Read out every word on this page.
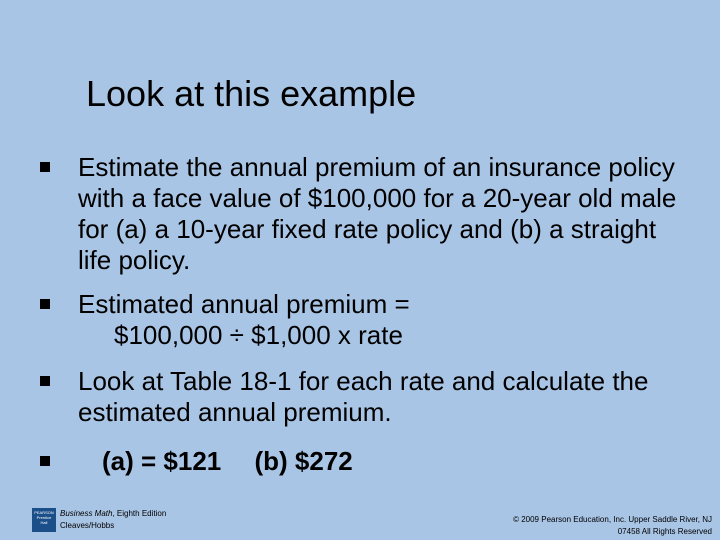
Look at this example
Estimate the annual premium of an insurance policy with a face value of $100,000 for a 20-year old male for (a) a 10-year fixed rate policy and (b) a straight life policy.
Estimated annual premium =

$100,000 ÷ $1,000 x rate
Look at Table 18-1 for each rate and calculate the estimated annual premium.
(a) = $121 (b) $272
PEARSON
Prentice Hall
Business Math, Eighth Edition
Cleaves/Hobbs
© 2009 Pearson Education, Inc. Upper Saddle River, NJ
07458 All Rights Reserved
